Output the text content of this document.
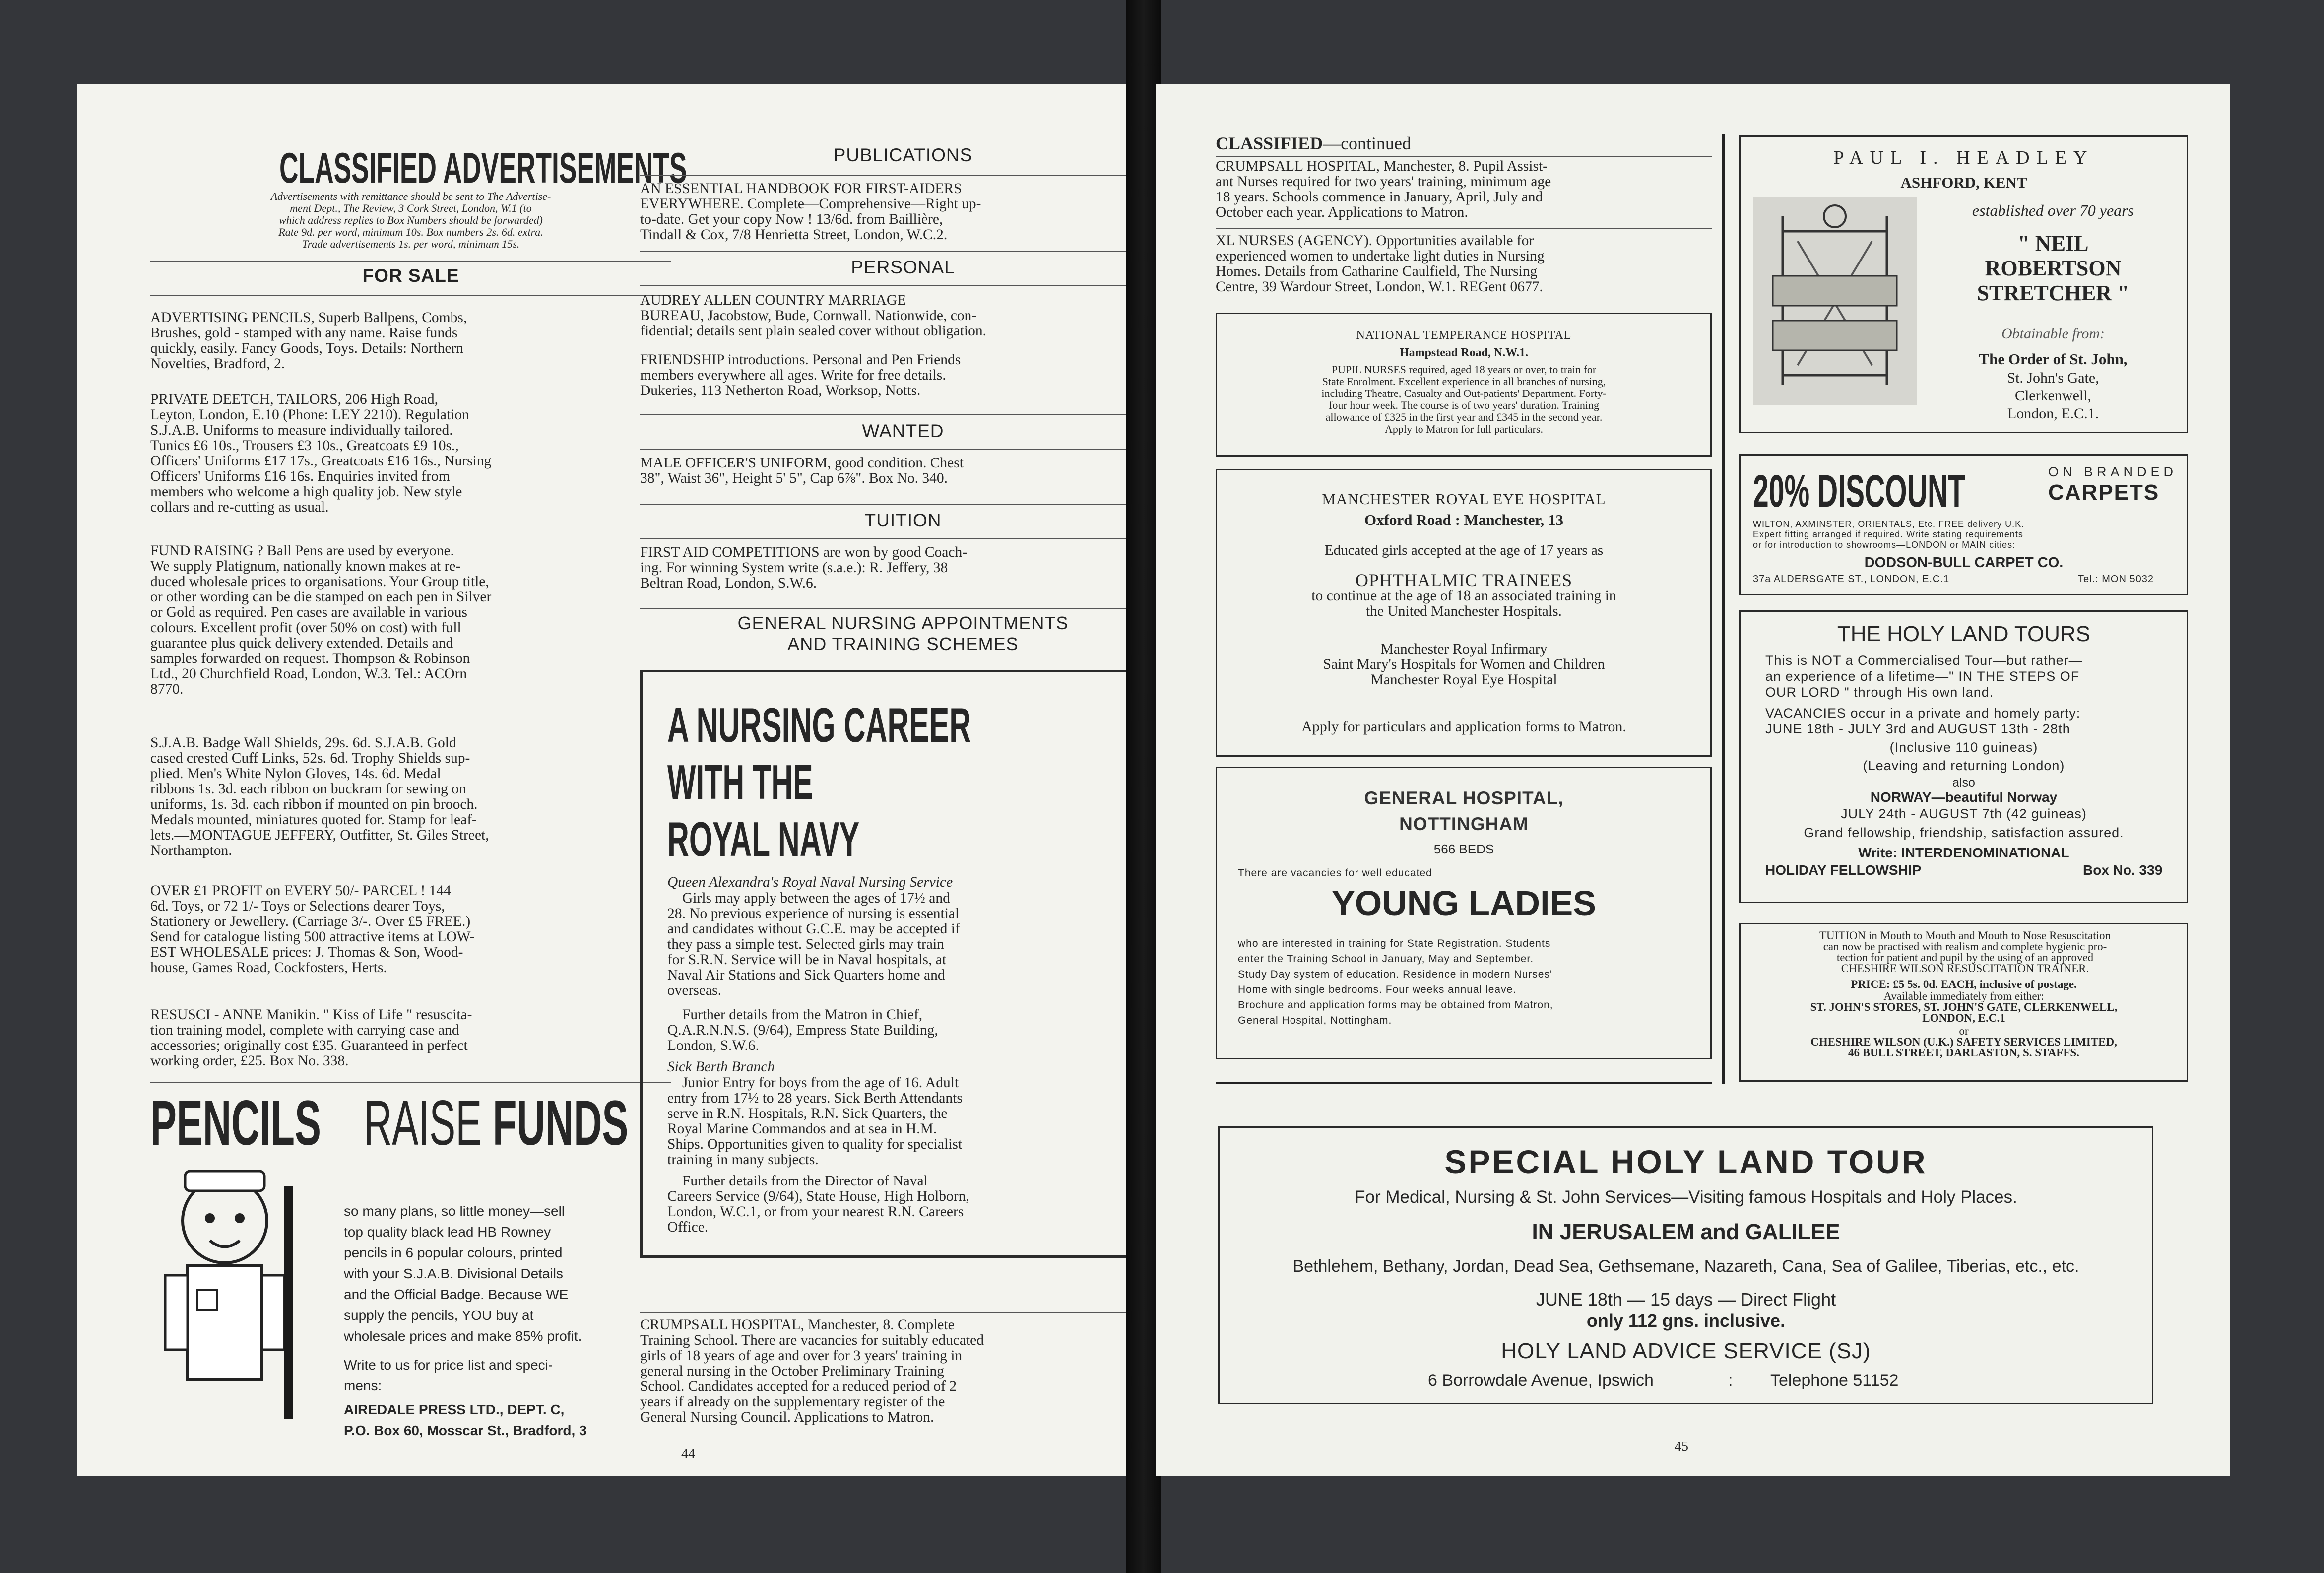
CLASSIFIED ADVERTISEMENTS
Advertisements with remittance should be sent to The Advertise-
ment Dept., The Review, 3 Cork Street, London, W.1 (to
which address replies to Box Numbers should be forwarded)
Rate 9d. per word, minimum 10s. Box numbers 2s. 6d. extra.
Trade advertisements 1s. per word, minimum 15s.
FOR SALE
ADVERTISING PENCILS, Superb Ballpens, Combs,
Brushes, gold - stamped with any name. Raise funds
quickly, easily. Fancy Goods, Toys. Details: Northern
Novelties, Bradford, 2.
PRIVATE DEETCH, TAILORS, 206 High Road,
Leyton, London, E.10 (Phone: LEY 2210). Regulation
S.J.A.B. Uniforms to measure individually tailored.
Tunics £6 10s., Trousers £3 10s., Greatcoats £9 10s.,
Officers' Uniforms £17 17s., Greatcoats £16 16s., Nursing
Officers' Uniforms £16 16s. Enquiries invited from
members who welcome a high quality job. New style
collars and re-cutting as usual.
FUND RAISING ? Ball Pens are used by everyone.
We supply Platignum, nationally known makes at re-
duced wholesale prices to organisations. Your Group title,
or other wording can be die stamped on each pen in Silver
or Gold as required. Pen cases are available in various
colours. Excellent profit (over 50% on cost) with full
guarantee plus quick delivery extended. Details and
samples forwarded on request. Thompson & Robinson
Ltd., 20 Churchfield Road, London, W.3. Tel.: ACOrn
8770.
S.J.A.B. Badge Wall Shields, 29s. 6d. S.J.A.B. Gold
cased crested Cuff Links, 52s. 6d. Trophy Shields sup-
plied. Men's White Nylon Gloves, 14s. 6d. Medal
ribbons 1s. 3d. each ribbon on buckram for sewing on
uniforms, 1s. 3d. each ribbon if mounted on pin brooch.
Medals mounted, miniatures quoted for. Stamp for leaf-
lets.—MONTAGUE JEFFERY, Outfitter, St. Giles Street,
Northampton.
OVER £1 PROFIT on EVERY 50/- PARCEL ! 144
6d. Toys, or 72 1/- Toys or Selections dearer Toys,
Stationery or Jewellery. (Carriage 3/-. Over £5 FREE.)
Send for catalogue listing 500 attractive items at LOW-
EST WHOLESALE prices: J. Thomas & Son, Wood-
house, Games Road, Cockfosters, Herts.
RESUSCI - ANNE Manikin. " Kiss of Life " resuscita-
tion training model, complete with carrying case and
accessories; originally cost £35. Guaranteed in perfect
working order, £25. Box No. 338.
PENCILS RAISE FUNDS
so many plans, so little money—sell
top quality black lead HB Rowney
pencils in 6 popular colours, printed
with your S.J.A.B. Divisional Details
and the Official Badge. Because WE
supply the pencils, YOU buy at
wholesale prices and make 85% profit.
Write to us for price list and speci-
mens:
AIREDALE PRESS LTD., DEPT. C,
P.O. Box 60, Mosscar St., Bradford, 3
44
PUBLICATIONS
AN ESSENTIAL HANDBOOK FOR FIRST-AIDERS
EVERYWHERE. Complete—Comprehensive—Right up-
to-date. Get your copy Now ! 13/6d. from Baillière,
Tindall & Cox, 7/8 Henrietta Street, London, W.C.2.
PERSONAL
AUDREY ALLEN COUNTRY MARRIAGE
BUREAU, Jacobstow, Bude, Cornwall. Nationwide, con-
fidential; details sent plain sealed cover without obligation.
FRIENDSHIP introductions. Personal and Pen Friends
members everywhere all ages. Write for free details.
Dukeries, 113 Netherton Road, Worksop, Notts.
WANTED
MALE OFFICER'S UNIFORM, good condition. Chest
38", Waist 36", Height 5' 5", Cap 6⅞". Box No. 340.
TUITION
FIRST AID COMPETITIONS are won by good Coach-
ing. For winning System write (s.a.e.): R. Jeffery, 38
Beltran Road, London, S.W.6.
GENERAL NURSING APPOINTMENTS
AND TRAINING SCHEMES
A NURSING CAREER
WITH THE
ROYAL NAVY
Queen Alexandra's Royal Naval Nursing Service
Girls may apply between the ages of 17½ and
28. No previous experience of nursing is essential
and candidates without G.C.E. may be accepted if
they pass a simple test. Selected girls may train
for S.R.N. Service will be in Naval hospitals, at
Naval Air Stations and Sick Quarters home and
overseas.
Further details from the Matron in Chief,
Q.A.R.N.N.S. (9/64), Empress State Building,
London, S.W.6.
Sick Berth Branch
Junior Entry for boys from the age of 16. Adult
entry from 17½ to 28 years. Sick Berth Attendants
serve in R.N. Hospitals, R.N. Sick Quarters, the
Royal Marine Commandos and at sea in H.M.
Ships. Opportunities given to quality for specialist
training in many subjects.
Further details from the Director of Naval
Careers Service (9/64), State House, High Holborn,
London, W.C.1, or from your nearest R.N. Careers
Office.
CRUMPSALL HOSPITAL, Manchester, 8. Complete
Training School. There are vacancies for suitably educated
girls of 18 years of age and over for 3 years' training in
general nursing in the October Preliminary Training
School. Candidates accepted for a reduced period of 2
years if already on the supplementary register of the
General Nursing Council. Applications to Matron.
CLASSIFIED—continued
CRUMPSALL HOSPITAL, Manchester, 8. Pupil Assist-
ant Nurses required for two years' training, minimum age
18 years. Schools commence in January, April, July and
October each year. Applications to Matron.
XL NURSES (AGENCY). Opportunities available for
experienced women to undertake light duties in Nursing
Homes. Details from Catharine Caulfield, The Nursing
Centre, 39 Wardour Street, London, W.1. REGent 0677.
NATIONAL TEMPERANCE HOSPITAL
Hampstead Road, N.W.1.
PUPIL NURSES required, aged 18 years or over, to train for
State Enrolment. Excellent experience in all branches of nursing,
including Theatre, Casualty and Out-patients' Department. Forty-
four hour week. The course is of two years' duration. Training
allowance of £325 in the first year and £345 in the second year.
Apply to Matron for full particulars.
MANCHESTER ROYAL EYE HOSPITAL
Oxford Road : Manchester, 13
Educated girls accepted at the age of 17 years as
OPHTHALMIC TRAINEES
to continue at the age of 18 an associated training in
the United Manchester Hospitals.
Manchester Royal Infirmary
Saint Mary's Hospitals for Women and Children
Manchester Royal Eye Hospital
Apply for particulars and application forms to Matron.
GENERAL HOSPITAL,
NOTTINGHAM
566 BEDS
There are vacancies for well educated
YOUNG LADIES
who are interested in training for State Registration. Students
enter the Training School in January, May and September.
Study Day system of education. Residence in modern Nurses'
Home with single bedrooms. Four weeks annual leave.
Brochure and application forms may be obtained from Matron,
General Hospital, Nottingham.
PAUL I. HEADLEY
ASHFORD, KENT
established over 70 years
" NEIL
ROBERTSON
STRETCHER "
Obtainable from:
The Order of St. John,
St. John's Gate,
Clerkenwell,
London, E.C.1.
20% DISCOUNT	ON BRANDED
CARPETS
WILTON, AXMINSTER, ORIENTALS, Etc. FREE delivery U.K.
Expert fitting arranged if required. Write stating requirements
or for introduction to showrooms—LONDON or MAIN cities:
DODSON-BULL CARPET CO.
37a ALDERSGATE ST., LONDON, E.C.1	Tel.: MON 5032
THE HOLY LAND TOURS
This is NOT a Commercialised Tour—but rather—
an experience of a lifetime—" IN THE STEPS OF
OUR LORD " through His own land.
VACANCIES occur in a private and homely party:
JUNE 18th - JULY 3rd and AUGUST 13th - 28th
(Inclusive 110 guineas)
(Leaving and returning London)
also
NORWAY—beautiful Norway
JULY 24th - AUGUST 7th (42 guineas)
Grand fellowship, friendship, satisfaction assured.
Write: INTERDENOMINATIONAL
HOLIDAY FELLOWSHIP	Box No. 339
TUITION in Mouth to Mouth and Mouth to Nose Resuscitation
can now be practised with realism and complete hygienic pro-
tection for patient and pupil by the using of an approved
CHESHIRE WILSON RESUSCITATION TRAINER.
PRICE: £5 5s. 0d. EACH, inclusive of postage.
Available immediately from either:
ST. JOHN'S STORES, ST. JOHN'S GATE, CLERKENWELL,
LONDON, E.C.1
or
CHESHIRE WILSON (U.K.) SAFETY SERVICES LIMITED,
46 BULL STREET, DARLASTON, S. STAFFS.
SPECIAL HOLY LAND TOUR
For Medical, Nursing & St. John Services—Visiting famous Hospitals and Holy Places.
IN JERUSALEM and GALILEE
Bethlehem, Bethany, Jordan, Dead Sea, Gethsemane, Nazareth, Cana, Sea of Galilee, Tiberias, etc., etc.
JUNE 18th — 15 days — Direct Flight
only 112 gns. inclusive.
HOLY LAND ADVICE SERVICE (SJ)
6 Borrowdale Avenue, Ipswich	: Telephone 51152
45
